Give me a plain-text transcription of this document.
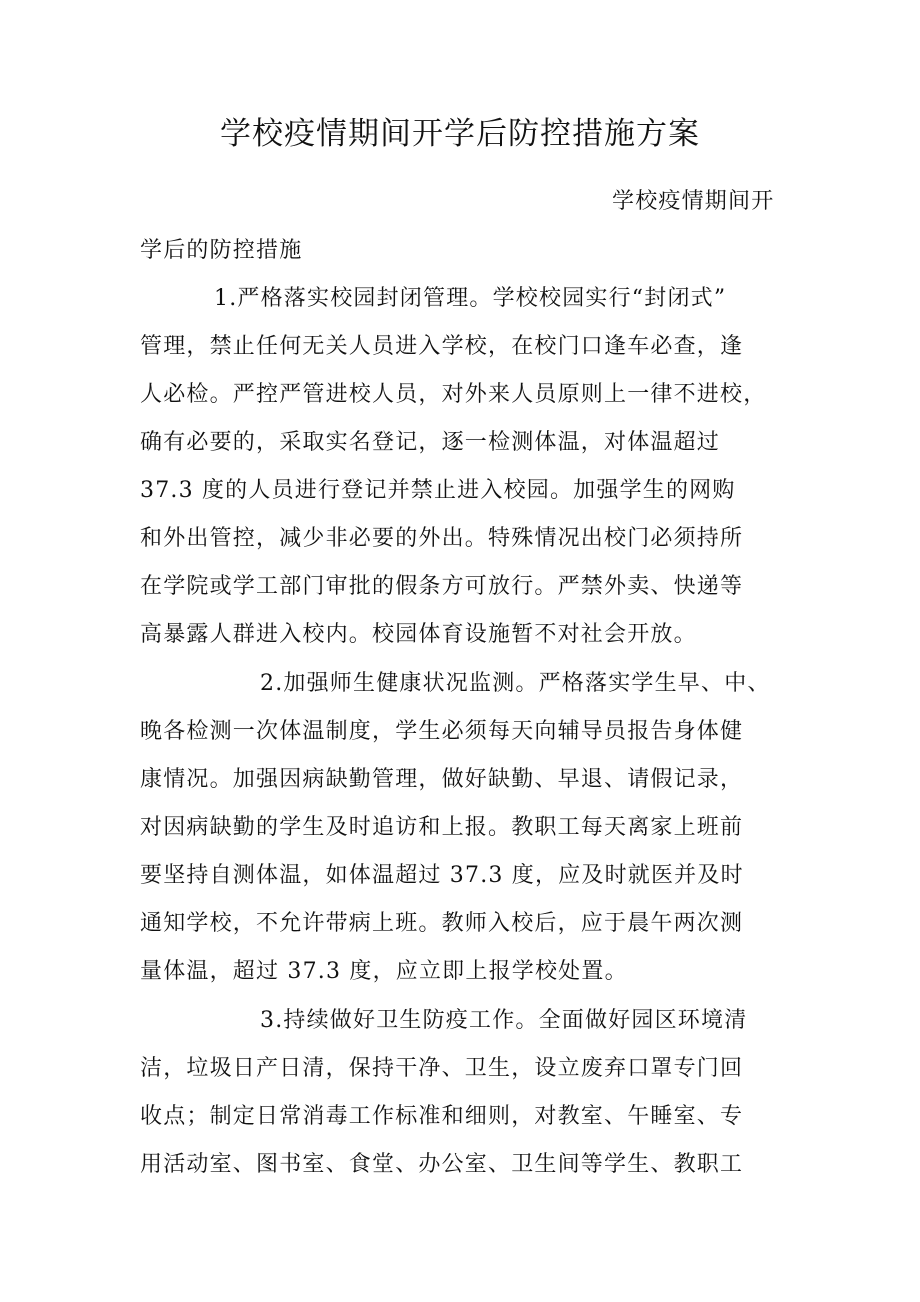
学校疫情期间开学后防控措施方案
学校疫情期间开
学后的防控措施
1.严格落实校园封闭管理。学校校园实行“封闭式”
管理，禁止任何无关人员进入学校，在校门口逢车必查，逢
人必检。严控严管进校人员，对外来人员原则上一律不进校，
确有必要的，采取实名登记，逐一检测体温，对体温超过
37.3 度的人员进行登记并禁止进入校园。加强学生的网购
和外出管控，减少非必要的外出。特殊情况出校门必须持所
在学院或学工部门审批的假条方可放行。严禁外卖、快递等
高暴露人群进入校内。校园体育设施暂不对社会开放。
2.加强师生健康状况监测。严格落实学生早、中、
晚各检测一次体温制度，学生必须每天向辅导员报告身体健
康情况。加强因病缺勤管理，做好缺勤、早退、请假记录，
对因病缺勤的学生及时追访和上报。教职工每天离家上班前
要坚持自测体温，如体温超过 37.3 度，应及时就医并及时
通知学校，不允许带病上班。教师入校后，应于晨午两次测
量体温，超过 37.3 度，应立即上报学校处置。
3.持续做好卫生防疫工作。全面做好园区环境清
洁，垃圾日产日清，保持干净、卫生，设立废弃口罩专门回
收点；制定日常消毒工作标准和细则，对教室、午睡室、专
用活动室、图书室、食堂、办公室、卫生间等学生、教职工
